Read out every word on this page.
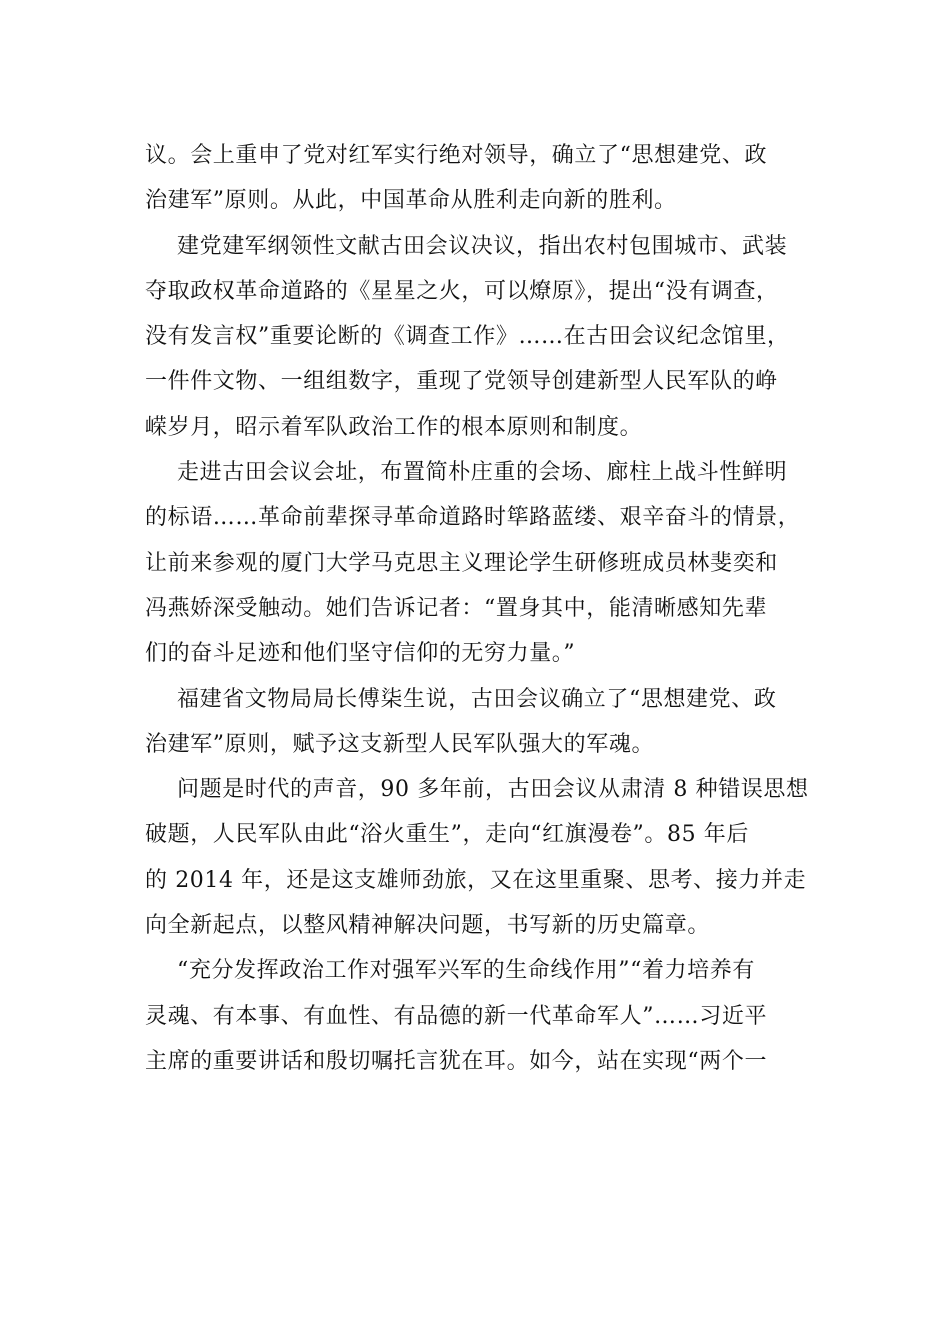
议。会上重申了党对红军实行绝对领导，确立了“思想建党、政
治建军”原则。从此，中国革命从胜利走向新的胜利。

建党建军纲领性文献古田会议决议，指出农村包围城市、武装
夺取政权革命道路的《星星之火，可以燎原》，提出“没有调查，
没有发言权”重要论断的《调查工作》……在古田会议纪念馆里，
一件件文物、一组组数字，重现了党领导创建新型人民军队的峥
嵘岁月，昭示着军队政治工作的根本原则和制度。

走进古田会议会址，布置简朴庄重的会场、廊柱上战斗性鲜明
的标语……革命前辈探寻革命道路时筚路蓝缕、艰辛奋斗的情景，
让前来参观的厦门大学马克思主义理论学生研修班成员林斐奕和
冯燕娇深受触动。她们告诉记者：“置身其中，能清晰感知先辈
们的奋斗足迹和他们坚守信仰的无穷力量。”

福建省文物局局长傅柒生说，古田会议确立了“思想建党、政
治建军”原则，赋予这支新型人民军队强大的军魂。

问题是时代的声音，90 多年前，古田会议从肃清 8 种错误思想
破题，人民军队由此“浴火重生”，走向“红旗漫卷”。85 年后
的 2014 年，还是这支雄师劲旅，又在这里重聚、思考、接力并走
向全新起点，以整风精神解决问题，书写新的历史篇章。

“充分发挥政治工作对强军兴军的生命线作用”“着力培养有
灵魂、有本事、有血性、有品德的新一代革命军人”……习近平
主席的重要讲话和殷切嘱托言犹在耳。如今，站在实现“两个一
